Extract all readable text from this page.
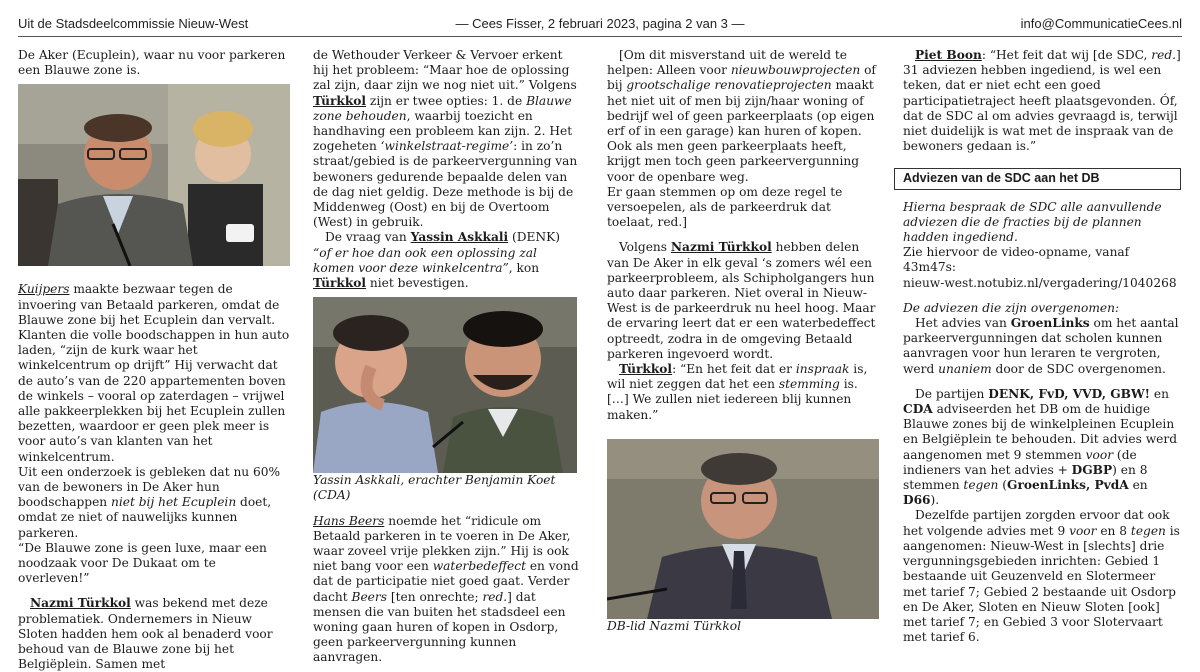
Uit de Stadsdeelcommissie Nieuw-West	— Cees Fisser, 2 februari 2023, pagina 2 van 3 —	info@CommunicatieCees.nl

De Aker (Ecuplein), waar nu voor parkeren een Blauwe zone is.

Kuijpers maakte bezwaar tegen de invoering van Betaald parkeren, omdat de Blauwe zone bij het Ecuplein dan vervalt. Klanten die volle boodschappen in hun auto laden, “zijn de kurk waar het winkelcentrum op drijft” Hij verwacht dat de auto’s van de 220 appartementen boven de winkels – vooral op zaterdagen – vrijwel alle pakkeerplekken bij het Ecuplein zullen bezetten, waardoor er geen plek meer is voor auto’s van klanten van het winkelcentrum.

Uit een onderzoek is gebleken dat nu 60% van de bewoners in De Aker hun boodschappen niet bij het Ecuplein doet, omdat ze niet of nauwelijks kunnen parkeren.

“De Blauwe zone is geen luxe, maar een noodzaak voor De Dukaat om te overleven!”

Nazmi Türkkol was bekend met deze problematiek. Ondernemers in Nieuw Sloten hadden hem ook al benaderd voor behoud van de Blauwe zone bij het Belgiëplein. Samen met

de Wethouder Verkeer & Vervoer erkent hij het probleem: “Maar hoe de oplossing zal zijn, daar zijn we nog niet uit.” Volgens Türkkol zijn er twee opties: 1. de Blauwe zone behouden, waarbij toezicht en handhaving een probleem kan zijn. 2. Het zogeheten ‘winkelstraat-regime’: in zo’n straat/gebied is de parkeervergunning van bewoners gedurende bepaalde delen van de dag niet geldig. Deze methode is bij de Middenweg (Oost) en bij de Overtoom (West) in gebruik.

De vraag van Yassin Askkali (DENK) “of er hoe dan ook een oplossing zal komen voor deze winkelcentra”, kon Türkkol niet bevestigen.

Yassin Askkali, erachter Benjamin Koet (CDA)

Hans Beers noemde het “ridicule om Betaald parkeren in te voeren in De Aker, waar zoveel vrije plekken zijn.” Hij is ook niet bang voor een waterbedeffect en vond dat de participatie niet goed gaat. Verder dacht Beers [ten onrechte; red.] dat mensen die van buiten het stadsdeel een woning gaan huren of kopen in Osdorp, geen parkeervergunning kunnen aanvragen.

[Om dit misverstand uit de wereld te helpen: Alleen voor nieuwbouwprojecten of bij grootschalige renovatieprojecten maakt het niet uit of men bij zijn/haar woning of bedrijf wel of geen parkeerplaats (op eigen erf of in een garage) kan huren of kopen. Ook als men geen parkeerplaats heeft, krijgt men toch geen parkeervergunning voor de openbare weg.

Er gaan stemmen op om deze regel te versoepelen, als de parkeerdruk dat toelaat, red.]

Volgens Nazmi Türkkol hebben delen van De Aker in elk geval ‘s zomers wél een parkeerprobleem, als Schipholgangers hun auto daar parkeren. Niet overal in Nieuw-West is de parkeerdruk nu heel hoog. Maar de ervaring leert dat er een waterbedeffect optreedt, zodra in de omgeving Betaald parkeren ingevoerd wordt.

Türkkol: “En het feit dat er inspraak is, wil niet zeggen dat het een stemming is. […] We zullen niet iedereen blij kunnen maken.”

DB-lid Nazmi Türkkol

Piet Boon: “Het feit dat wij [de SDC, red.] 31 adviezen hebben ingediend, is wel een teken, dat er niet echt een goed participatietraject heeft plaatsgevonden. Óf, dat de SDC al om advies gevraagd is, terwijl niet duidelijk is wat met de inspraak van de bewoners gedaan is.”

Adviezen van de SDC aan het DB

Hierna bespraak de SDC alle aanvullende adviezen die de fracties bij de plannen hadden ingediend.

Zie hiervoor de video-opname, vanaf 43m47s:

nieuw-west.notubiz.nl/vergadering/1040268

De adviezen die zijn overgenomen:

Het advies van GroenLinks om het aantal parkeervergunningen dat scholen kunnen aanvragen voor hun leraren te vergroten, werd unaniem door de SDC overgenomen.

De partijen DENK, FvD, VVD, GBW! en CDA adviseerden het DB om de huidige Blauwe zones bij de winkelpleinen Ecuplein en Belgiëplein te behouden. Dit advies werd aangenomen met 9 stemmen voor (de indieners van het advies + DGBP) en 8 stemmen tegen (GroenLinks, PvdA en D66).

Dezelfde partijen zorgden ervoor dat ook het volgende advies met 9 voor en 8 tegen is aangenomen: Nieuw-West in [slechts] drie vergunningsgebieden inrichten: Gebied 1 bestaande uit Geuzenveld en Slotermeer met tarief 7; Gebied 2 bestaande uit Osdorp en De Aker, Sloten en Nieuw Sloten [ook] met tarief 7; en Gebied 3 voor Slotervaart met tarief 6.
